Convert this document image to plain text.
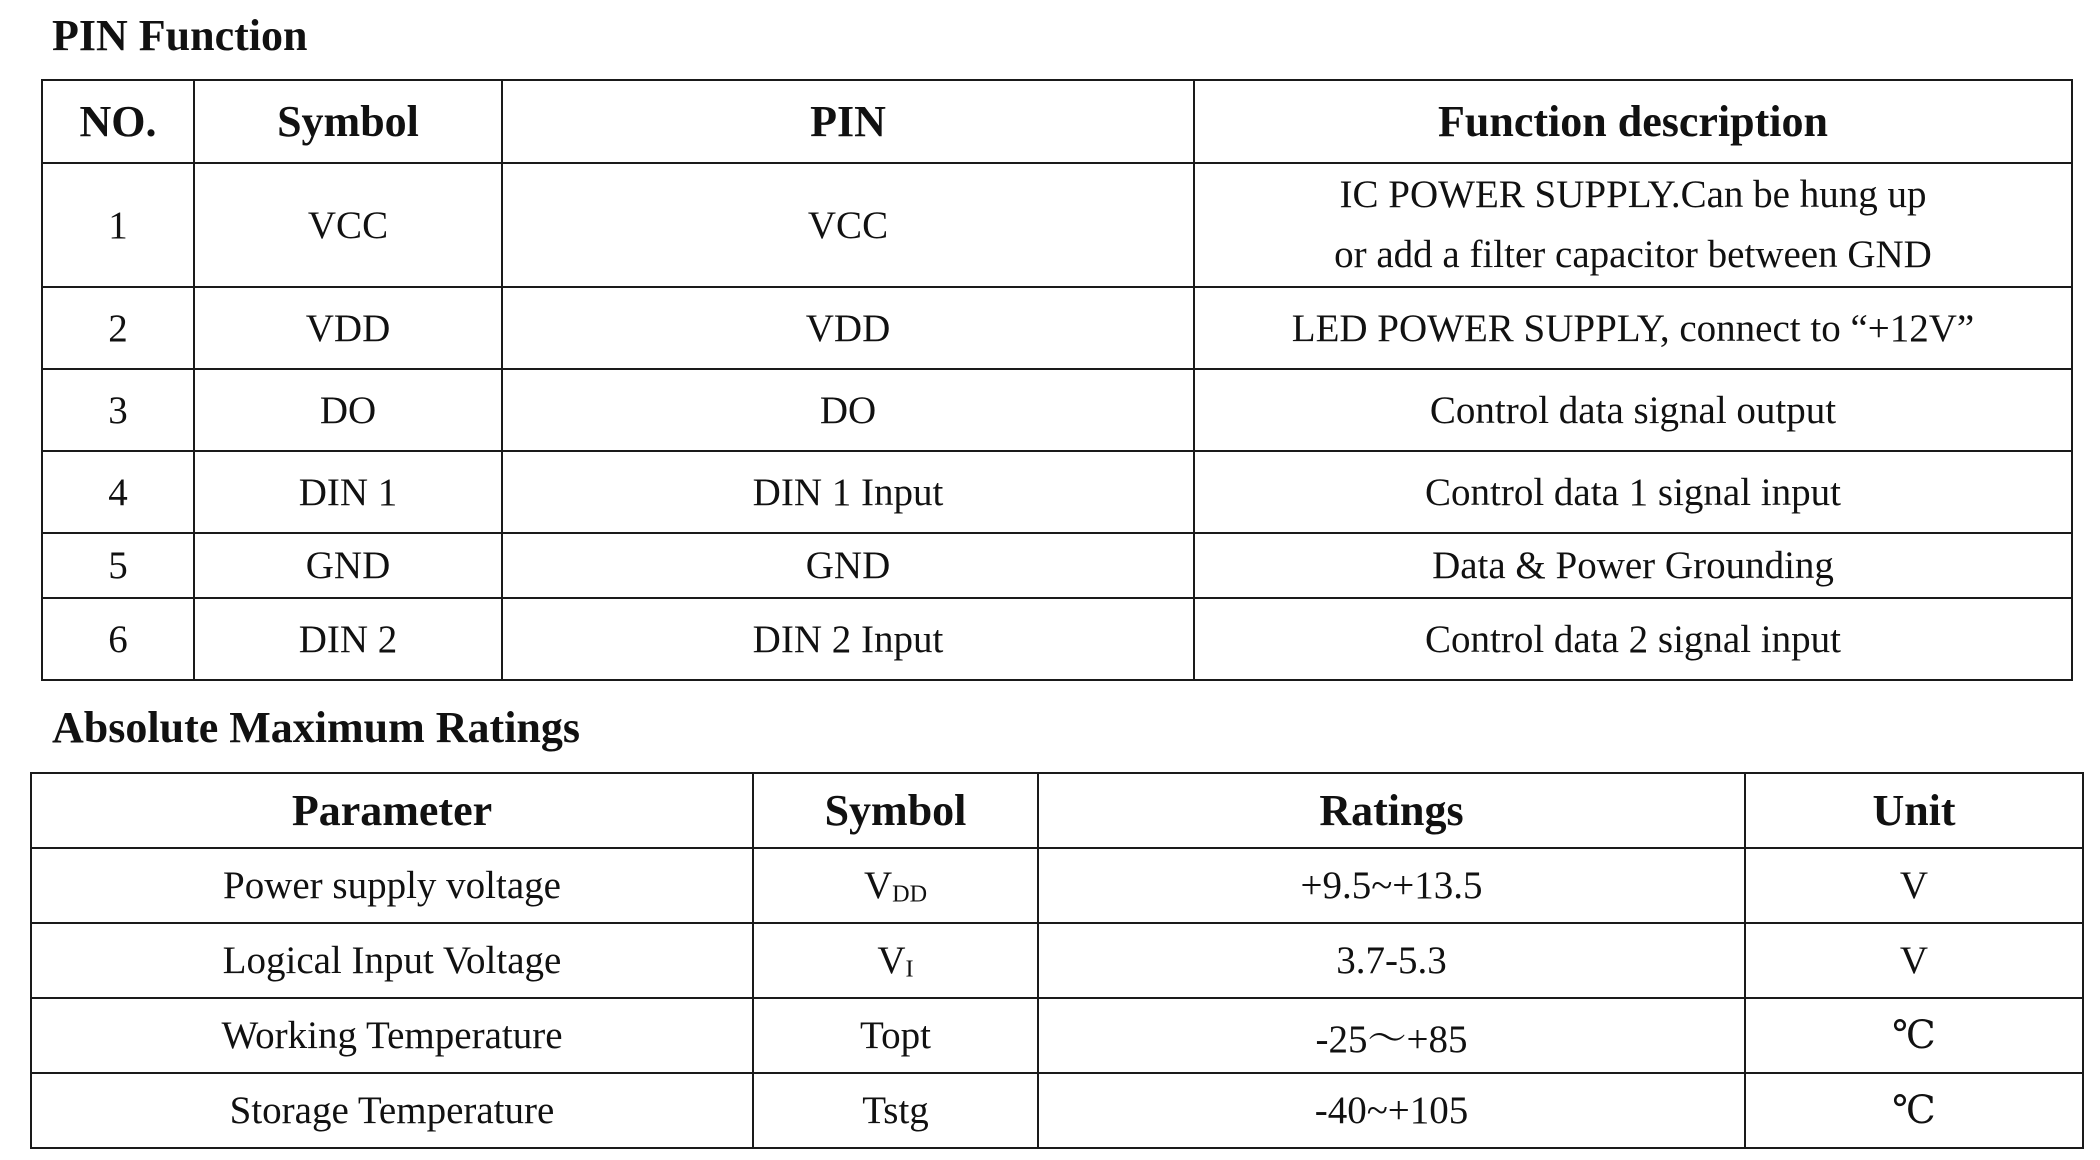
PIN Function
NO.	Symbol	PIN	Function description
1	VCC	VCC	IC POWER SUPPLY.Can be hung up
or add a filter capacitor between GND

2	VDD	VDD	LED POWER SUPPLY, connect to “+12V”
3	DO	DO	Control data signal output
4	DIN 1	DIN 1 Input	Control data 1 signal input
5	GND	GND	Data & Power Grounding
6	DIN 2	DIN 2 Input	Control data 2 signal input
Absolute Maximum Ratings
Parameter	Symbol	Ratings	Unit
Power supply voltage	VDD	+9.5~+13.5	V
Logical Input Voltage	VI	3.7-5.3	V
Working Temperature	Topt	-25～+85	℃
Storage Temperature	Tstg	-40~+105	℃
